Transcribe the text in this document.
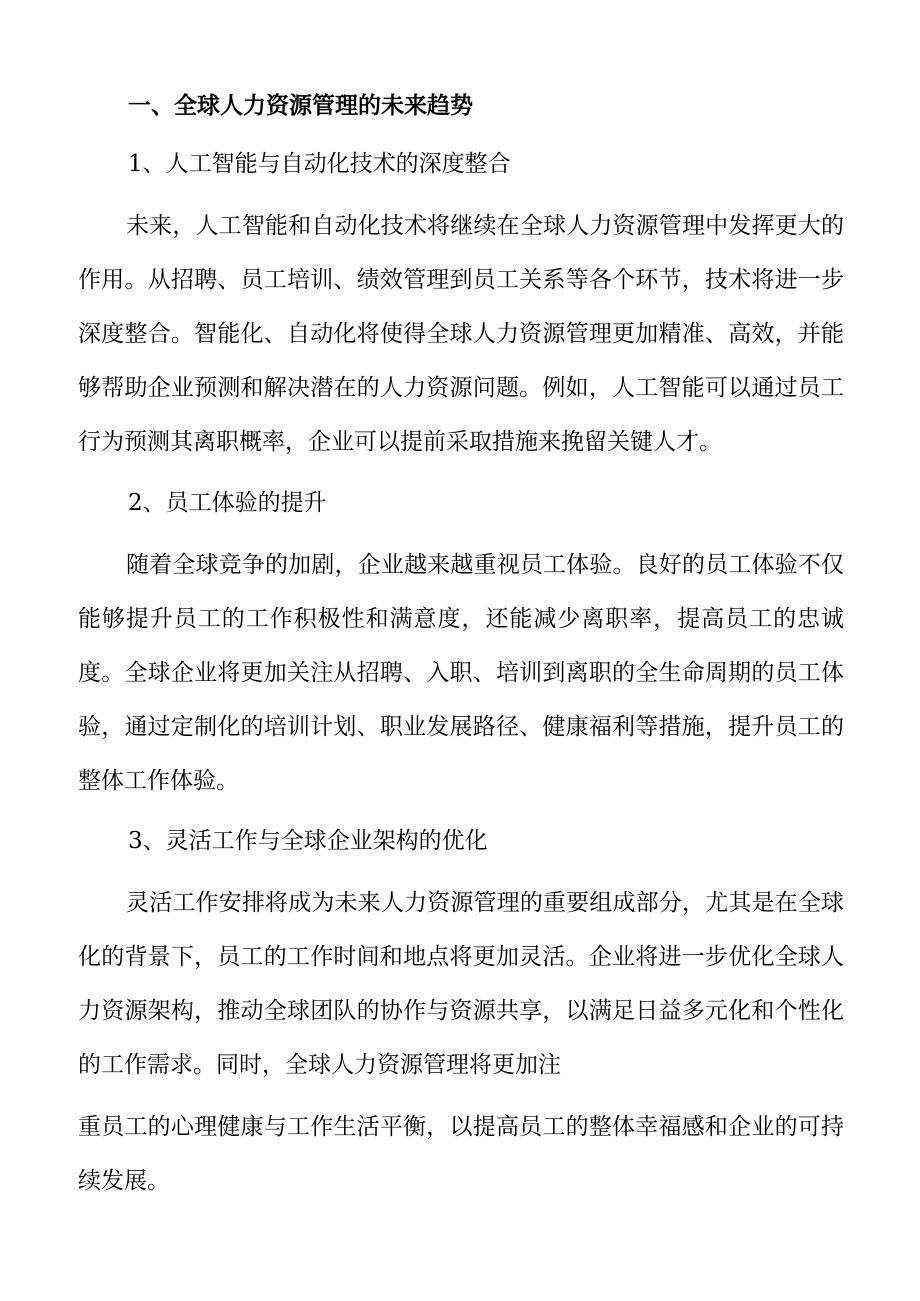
一、全球人力资源管理的未来趋势
1、人工智能与自动化技术的深度整合

未来，人工智能和自动化技术将继续在全球人力资源管理中发挥更大的作用。从招聘、员工培训、绩效管理到员工关系等各个环节，技术将进一步深度整合。智能化、自动化将使得全球人力资源管理更加精准、高效，并能够帮助企业预测和解决潜在的人力资源问题。例如，人工智能可以通过员工行为预测其离职概率，企业可以提前采取措施来挽留关键人才。

2、员工体验的提升

随着全球竞争的加剧，企业越来越重视员工体验。良好的员工体验不仅能够提升员工的工作积极性和满意度，还能减少离职率，提高员工的忠诚度。全球企业将更加关注从招聘、入职、培训到离职的全生命周期的员工体验，通过定制化的培训计划、职业发展路径、健康福利等措施，提升员工的整体工作体验。

3、灵活工作与全球企业架构的优化

灵活工作安排将成为未来人力资源管理的重要组成部分，尤其是在全球化的背景下，员工的工作时间和地点将更加灵活。企业将进一步优化全球人力资源架构，推动全球团队的协作与资源共享，以满足日益多元化和个性化的工作需求。同时，全球人力资源管理将更加注

重员工的心理健康与工作生活平衡，以提高员工的整体幸福感和企业的可持续发展。
